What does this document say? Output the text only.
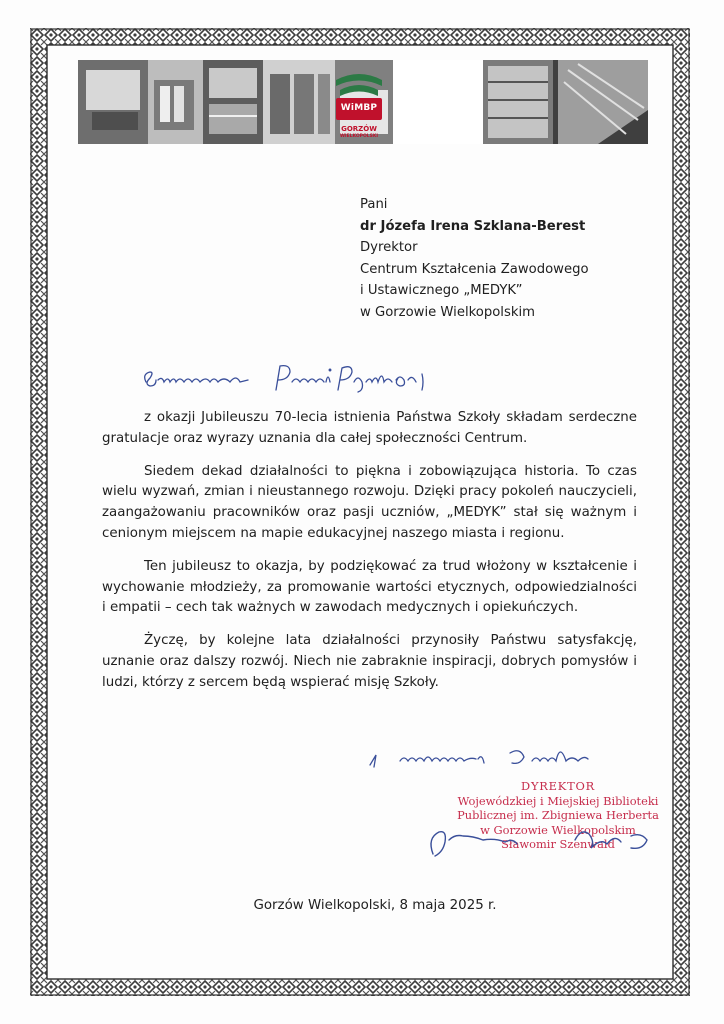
WiMBP
GORZÓW
WIELKOPOLSKI
Pani
dr Józefa Irena Szklana-Berest
Dyrektor
Centrum Kształcenia Zawodowego
i Ustawicznego „MEDYK”
w Gorzowie Wielkopolskim
Szanowna Pani Dyrektor,

z okazji Jubileuszu 70-lecia istnienia Państwa Szkoły składam serdeczne gratulacje oraz wyrazy uznania dla całej społeczności Centrum.

Siedem dekad działalności to piękna i zobowiązująca historia. To czas wielu wyzwań, zmian i nieustannego rozwoju. Dzięki pracy pokoleń nauczycieli, zaangażowaniu pracowników oraz pasji uczniów, „MEDYK” stał się ważnym i cenionym miejscem na mapie edukacyjnej naszego miasta i regionu.

Ten jubileusz to okazja, by podziękować za trud włożony w kształcenie i wychowanie młodzieży, za promowanie wartości etycznych, odpowiedzialności i empatii – cech tak ważnych w zawodach medycznych i opiekuńczych.

Życzę, by kolejne lata działalności przynosiły Państwu satysfakcję, uznanie oraz dalszy rozwój. Niech nie zabraknie inspiracji, dobrych pomysłów i ludzi, którzy z sercem będą wspierać misję Szkoły.

z wyrazami szacunku
DYREKTOR
Wojewódzkiej i Miejskiej Biblioteki
Publicznej im. Zbigniewa Herberta
w Gorzowie Wielkopolskim
Sławomir Szenwald
Gorzów Wielkopolski, 8 maja 2025 r.
